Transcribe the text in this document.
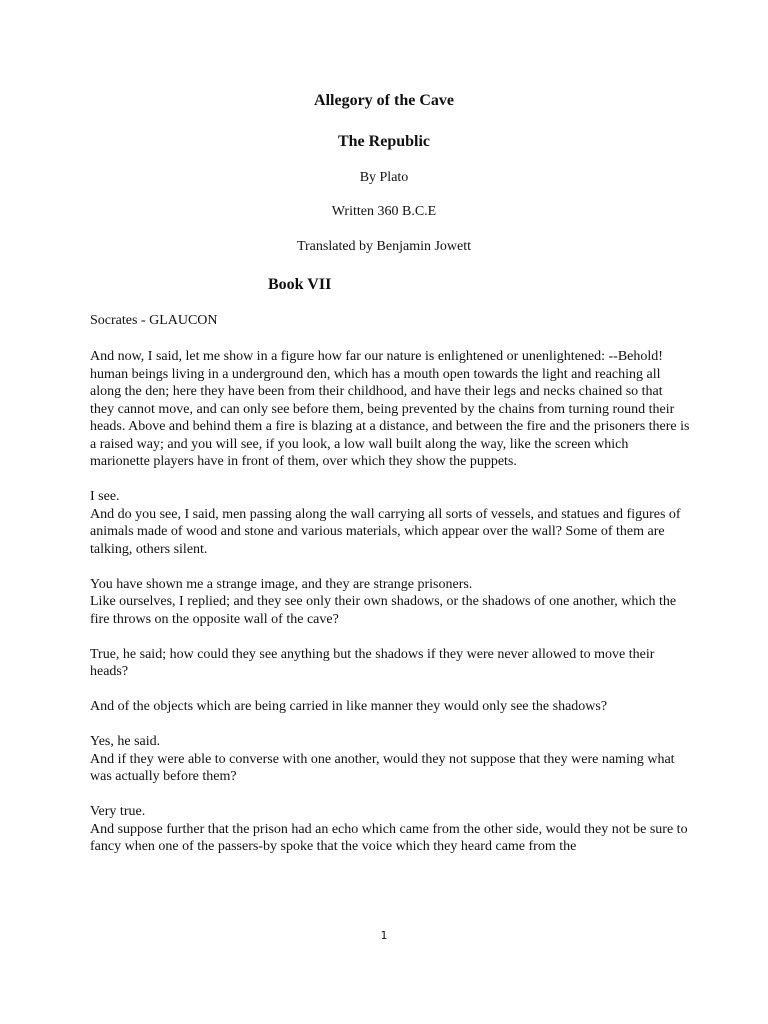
Allegory of the Cave
The Republic
By Plato
Written 360 B.C.E
Translated by Benjamin Jowett
Book VII
Socrates - GLAUCON

And now, I said, let me show in a figure how far our nature is enlightened or unenlightened: --Behold! human beings living in a underground den, which has a mouth open towards the light and reaching all along the den; here they have been from their childhood, and have their legs and necks chained so that they cannot move, and can only see before them, being prevented by the chains from turning round their heads. Above and behind them a fire is blazing at a distance, and between the fire and the prisoners there is a raised way; and you will see, if you look, a low wall built along the way, like the screen which marionette players have in front of them, over which they show the puppets.

I see.
And do you see, I said, men passing along the wall carrying all sorts of vessels, and statues and figures of animals made of wood and stone and various materials, which appear over the wall? Some of them are talking, others silent.

You have shown me a strange image, and they are strange prisoners.
Like ourselves, I replied; and they see only their own shadows, or the shadows of one another, which the fire throws on the opposite wall of the cave?

True, he said; how could they see anything but the shadows if they were never allowed to move their heads?

And of the objects which are being carried in like manner they would only see the shadows?

Yes, he said.
And if they were able to converse with one another, would they not suppose that they were naming what was actually before them?

Very true.
And suppose further that the prison had an echo which came from the other side, would they not be sure to fancy when one of the passers-by spoke that the voice which they heard came from the

1
